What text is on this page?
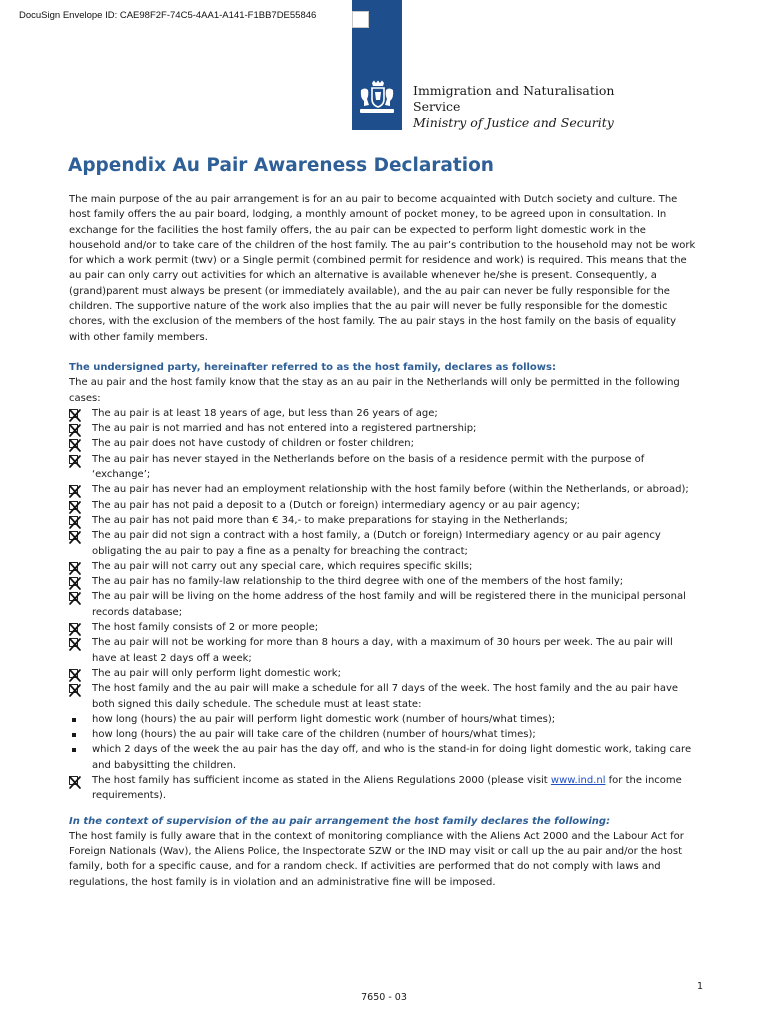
DocuSign Envelope ID: CAE98F2F-74C5-4AA1-A141-F1BB7DE55846
Immigration and Naturalisation
Service
Ministry of Justice and Security
Appendix Au Pair Awareness Declaration

The main purpose of the au pair arrangement is for an au pair to become acquainted with Dutch society and culture. The host family offers the au pair board, lodging, a monthly amount of pocket money, to be agreed upon in consultation. In exchange for the facilities the host family offers, the au pair can be expected to perform light domestic work in the household and/or to take care of the children of the host family. The au pair’s contribution to the household may not be work for which a work permit (twv) or a Single permit (combined permit for residence and work) is required. This means that the au pair can only carry out activities for which an alternative is available whenever he/she is present. Consequently, a (grand)parent must always be present (or immediately available), and the au pair can never be fully responsible for the children. The supportive nature of the work also implies that the au pair will never be fully responsible for the domestic chores, with the exclusion of the members of the host family. The au pair stays in the host family on the basis of equality with other family members.

The undersigned party, hereinafter referred to as the host family, declares as follows:

The au pair and the host family know that the stay as an au pair in the Netherlands will only be permitted in the following cases:

The au pair is at least 18 years of age, but less than 26 years of age;
The au pair is not married and has not entered into a registered partnership;
The au pair does not have custody of children or foster children;
The au pair has never stayed in the Netherlands before on the basis of a residence permit with the purpose of ‘exchange’;
The au pair has never had an employment relationship with the host family before (within the Netherlands, or abroad);
The au pair has not paid a deposit to a (Dutch or foreign) intermediary agency or au pair agency;
The au pair has not paid more than € 34,- to make preparations for staying in the Netherlands;
The au pair did not sign a contract with a host family, a (Dutch or foreign) Intermediary agency or au pair agency obligating the au pair to pay a fine as a penalty for breaching the contract;
The au pair will not carry out any special care, which requires specific skills;
The au pair has no family-law relationship to the third degree with one of the members of the host family;
The au pair will be living on the home address of the host family and will be registered there in the municipal personal records database;
The host family consists of 2 or more people;
The au pair will not be working for more than 8 hours a day, with a maximum of 30 hours per week. The au pair will have at least 2 days off a week;
The au pair will only perform light domestic work;
The host family and the au pair will make a schedule for all 7 days of the week. The host family and the au pair have both signed this daily schedule. The schedule must at least state:
how long (hours) the au pair will perform light domestic work (number of hours/what times);
how long (hours) the au pair will take care of the children (number of hours/what times);
which 2 days of the week the au pair has the day off, and who is the stand-in for doing light domestic work, taking care and babysitting the children.
The host family has sufficient income as stated in the Aliens Regulations 2000 (please visit www.ind.nl for the income requirements).

In the context of supervision of the au pair arrangement the host family declares the following:

The host family is fully aware that in the context of monitoring compliance with the Aliens Act 2000 and the Labour Act for Foreign Nationals (Wav), the Aliens Police, the Inspectorate SZW or the IND may visit or call up the au pair and/or the host family, both for a specific cause, and for a random check. If activities are performed that do not comply with laws and regulations, the host family is in violation and an administrative fine will be imposed.

1
7650 - 03
